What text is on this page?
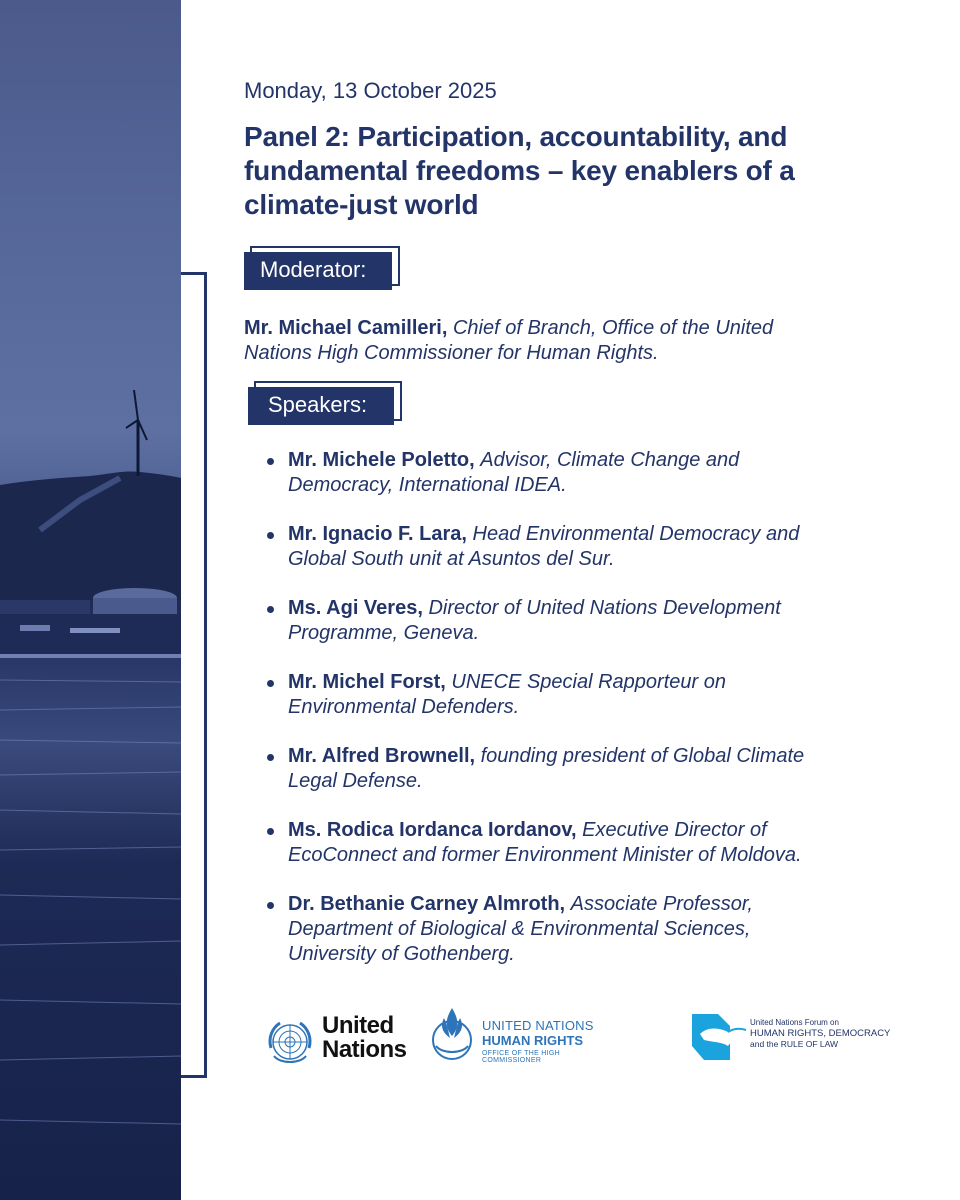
Monday, 13 October 2025
Panel 2: Participation, accountability, and fundamental freedoms – key enablers of a climate-just world
Moderator:
Mr. Michael Camilleri, Chief of Branch, Office of the United Nations High Commissioner for Human Rights.
Speakers:
Mr. Michele Poletto, Advisor, Climate Change and Democracy, International IDEA.
Mr. Ignacio F. Lara, Head Environmental Democracy and Global South unit at Asuntos del Sur.
Ms. Agi Veres, Director of United Nations Development Programme, Geneva.
Mr. Michel Forst, UNECE Special Rapporteur on Environmental Defenders.
Mr. Alfred Brownell, founding president of Global Climate Legal Defense.
Ms. Rodica Iordanca Iordanov, Executive Director of EcoConnect and former Environment Minister of Moldova.
Dr. Bethanie Carney Almroth, Associate Professor, Department of Biological & Environmental Sciences, University of Gothenberg.
United
Nations
UNITED NATIONS
HUMAN RIGHTS
OFFICE OF THE HIGH COMMISSIONER
United Nations Forum on
HUMAN RIGHTS, DEMOCRACY
and the RULE OF LAW
